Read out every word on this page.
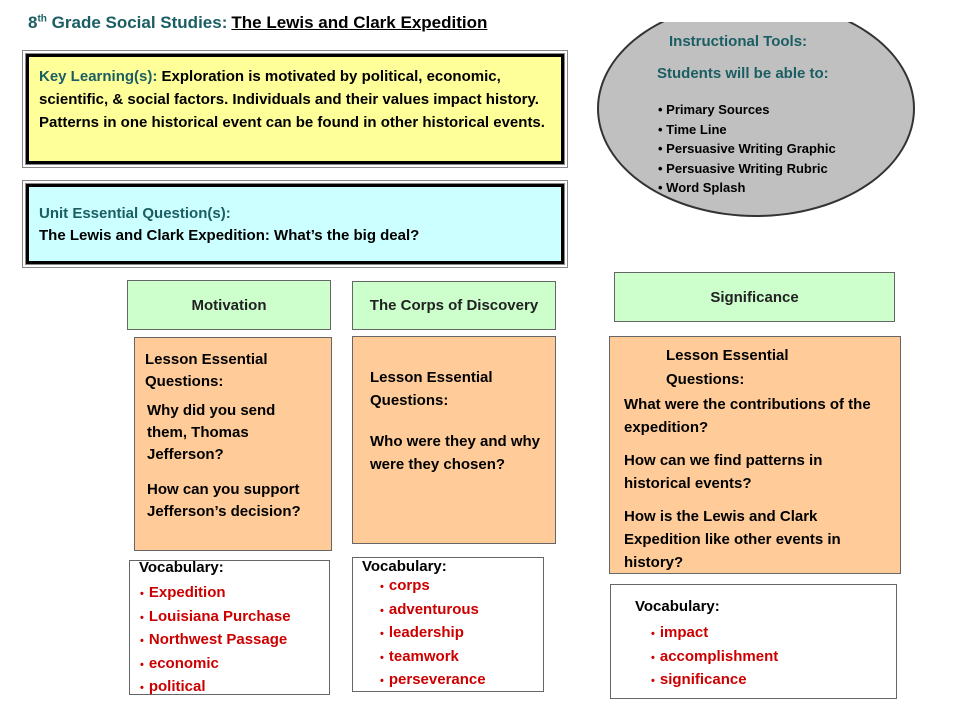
8th Grade Social Studies: The Lewis and Clark Expedition
Key Learning(s): Exploration is motivated by political, economic, scientific, & social factors. Individuals and their values impact history. Patterns in one historical event can be found in other historical events.
Unit Essential Question(s):
The Lewis and Clark Expedition: What’s the big deal?
Instructional Tools:
Students will be able to:
• Primary Sources
• Time Line
• Persuasive Writing Graphic
• Persuasive Writing Rubric
• Word Splash
Motivation	The Corps of Discovery	Significance
Lesson Essential Questions:
Why did you send them, Thomas Jefferson?
How can you support Jefferson’s decision?
Lesson Essential Questions:
Who were they and why were they chosen?
Lesson Essential Questions:
What were the contributions of the expedition?
How can we find patterns in historical events?
How is the Lewis and Clark Expedition like other events in history?
Vocabulary:
• Expedition
• Louisiana Purchase
• Northwest Passage
• economic
• political
Vocabulary:
• corps
• adventurous
• leadership
• teamwork
• perseverance
Vocabulary:
• impact
• accomplishment
• significance
